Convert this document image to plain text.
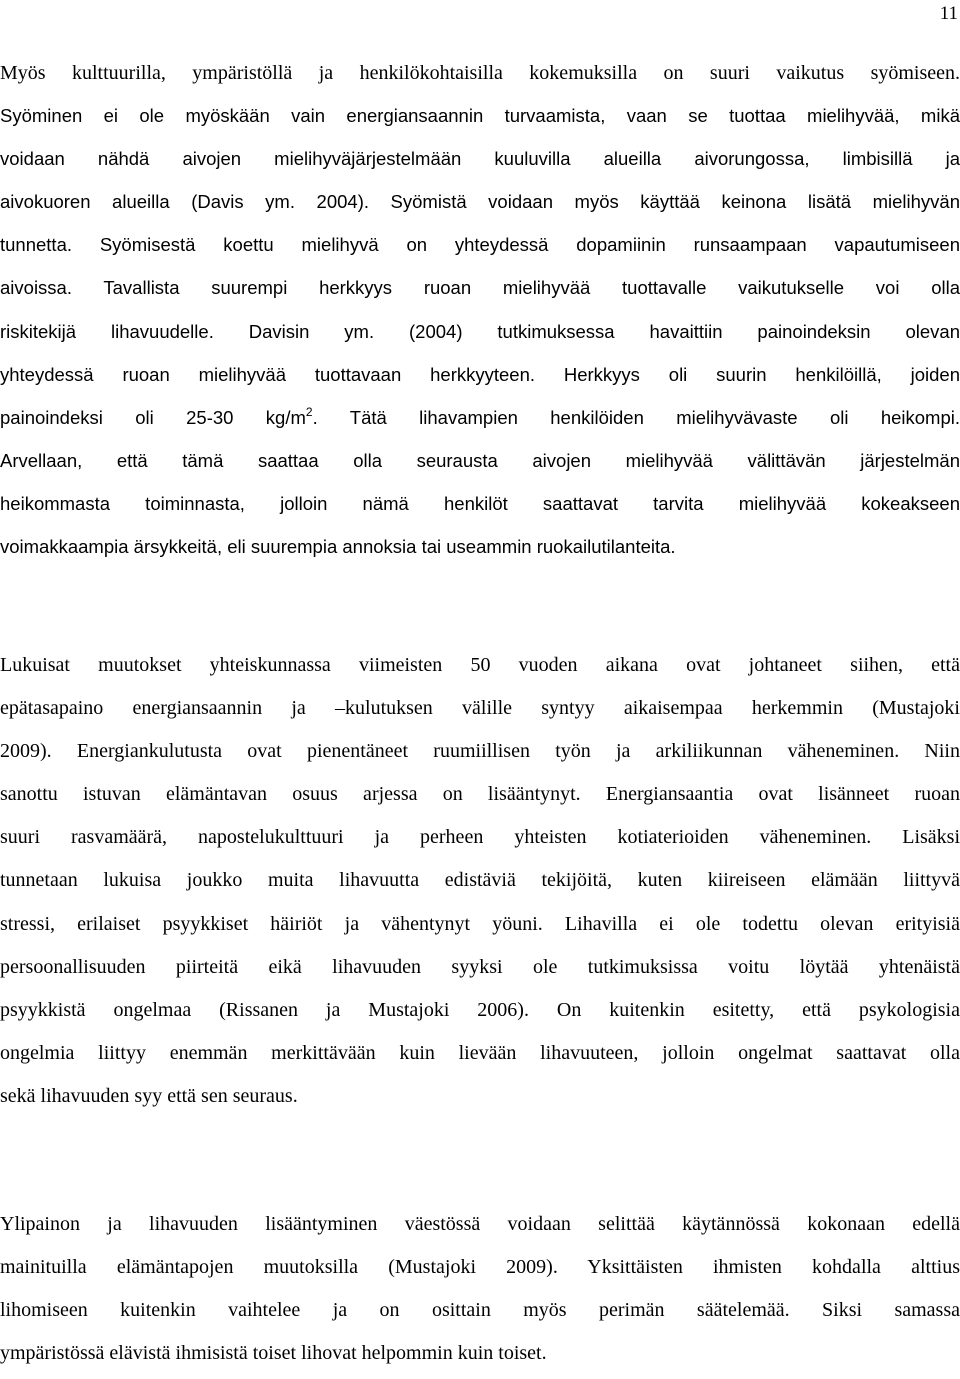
11
Myös kulttuurilla, ympäristöllä ja henkilökohtaisilla kokemuksilla on suuri vaikutus syömiseen.
Syöminen ei ole myöskään vain energiansaannin turvaamista, vaan se tuottaa mielihyvää, mikä
voidaan nähdä aivojen mielihyväjärjestelmään kuuluvilla alueilla aivorungossa, limbisillä ja
aivokuoren alueilla (Davis ym. 2004). Syömistä voidaan myös käyttää keinona lisätä mielihyvän
tunnetta. Syömisestä koettu mielihyvä on yhteydessä dopamiinin runsaampaan vapautumiseen
aivoissa. Tavallista suurempi herkkyys ruoan mielihyvää tuottavalle vaikutukselle voi olla
riskitekijä lihavuudelle. Davisin ym. (2004) tutkimuksessa havaittiin painoindeksin olevan
yhteydessä ruoan mielihyvää tuottavaan herkkyyteen. Herkkyys oli suurin henkilöillä, joiden
painoindeksi oli 25-30 $kg/m^2$. Tätä lihavampien henkilöiden mielihyvävaste oli heikompi.
Arvellaan, että tämä saattaa olla seurausta aivojen mielihyvää välittävän järjestelmän
heikommasta toiminnasta, jolloin nämä henkilöt saattavat tarvita mielihyvää kokeakseen
voimakkaampia ärsykkeitä, eli suurempia annoksia tai useammin ruokailutilanteita.
Lukuisat muutokset yhteiskunnassa viimeisten 50 vuoden aikana ovat johtaneet siihen, että
epätasapaino energiansaannin ja –kulutuksen välille syntyy aikaisempaa herkemmin (Mustajoki
2009). Energiankulutusta ovat pienentäneet ruumiillisen työn ja arkiliikunnan väheneminen. Niin
sanottu istuvan elämäntavan osuus arjessa on lisääntynyt. Energiansaantia ovat lisänneet ruoan
suuri rasvamäärä, napostelukulttuuri ja perheen yhteisten kotiaterioiden väheneminen. Lisäksi
tunnetaan lukuisa joukko muita lihavuutta edistäviä tekijöitä, kuten kiireiseen elämään liittyvä
stressi, erilaiset psyykkiset häiriöt ja vähentynyt yöuni. Lihavilla ei ole todettu olevan erityisiä
persoonallisuuden piirteitä eikä lihavuuden syyksi ole tutkimuksissa voitu löytää yhtenäistä
psyykkistä ongelmaa (Rissanen ja Mustajoki 2006). On kuitenkin esitetty, että psykologisia
ongelmia liittyy enemmän merkittävään kuin lievään lihavuuteen, jolloin ongelmat saattavat olla
sekä lihavuuden syy että sen seuraus.
Ylipainon ja lihavuuden lisääntyminen väestössä voidaan selittää käytännössä kokonaan edellä
mainituilla elämäntapojen muutoksilla (Mustajoki 2009). Yksittäisten ihmisten kohdalla alttius
lihomiseen kuitenkin vaihtelee ja on osittain myös perimän säätelemää. Siksi samassa
ympäristössä elävistä ihmisistä toiset lihovat helpommin kuin toiset.
